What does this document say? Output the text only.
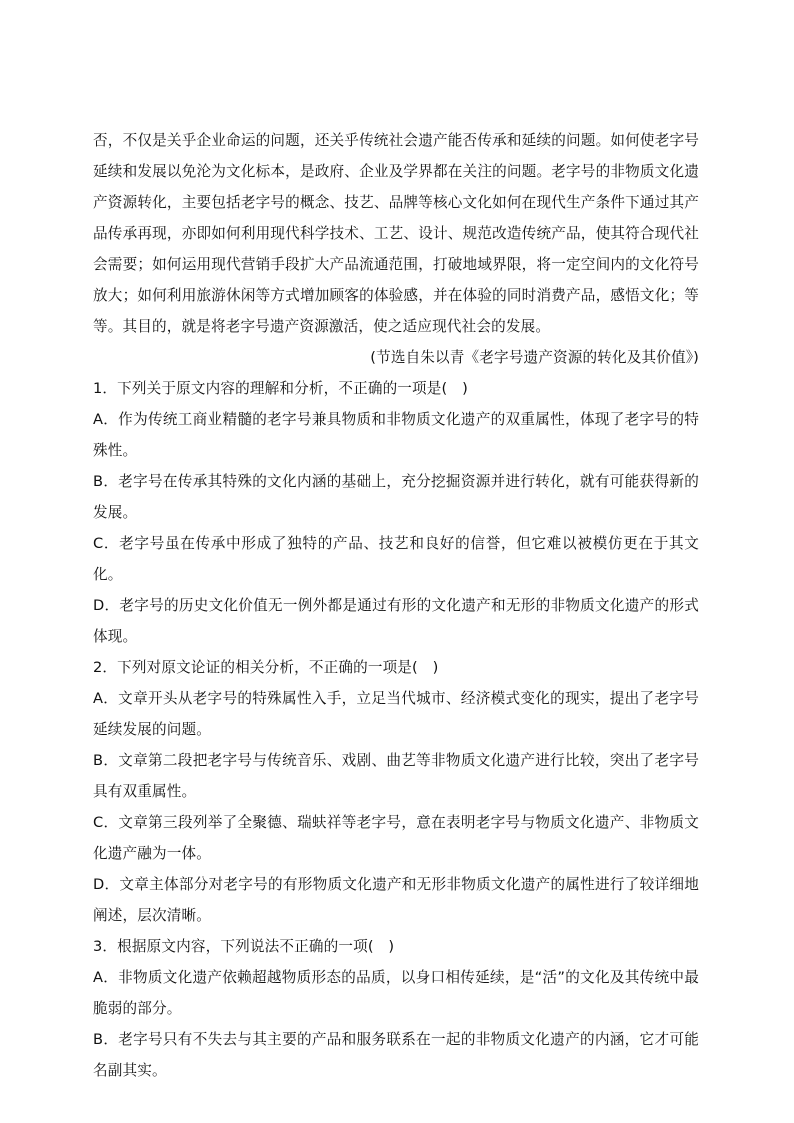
否，不仅是关乎企业命运的问题，还关乎传统社会遗产能否传承和延续的问题。如何使老字号延续和发展以免沦为文化标本，是政府、企业及学界都在关注的问题。老字号的非物质文化遗产资源转化，主要包括老字号的概念、技艺、品牌等核心文化如何在现代生产条件下通过其产品传承再现，亦即如何利用现代科学技术、工艺、设计、规范改造传统产品，使其符合现代社会需要；如何运用现代营销手段扩大产品流通范围，打破地域界限，将一定空间内的文化符号放大；如何利用旅游休闲等方式增加顾客的体验感，并在体验的同时消费产品，感悟文化；等等。其目的，就是将老字号遗产资源激活，使之适应现代社会的发展。

(节选自朱以青《老字号遗产资源的转化及其价值》)

1．下列关于原文内容的理解和分析，不正确的一项是(　)

A．作为传统工商业精髓的老字号兼具物质和非物质文化遗产的双重属性，体现了老字号的特殊性。

B．老字号在传承其特殊的文化内涵的基础上，充分挖掘资源并进行转化，就有可能获得新的发展。

C．老字号虽在传承中形成了独特的产品、技艺和良好的信誉，但它难以被模仿更在于其文化。

D．老字号的历史文化价值无一例外都是通过有形的文化遗产和无形的非物质文化遗产的形式体现。

2．下列对原文论证的相关分析，不正确的一项是(　)

A．文章开头从老字号的特殊属性入手，立足当代城市、经济模式变化的现实，提出了老字号延续发展的问题。

B．文章第二段把老字号与传统音乐、戏剧、曲艺等非物质文化遗产进行比较，突出了老字号具有双重属性。

C．文章第三段列举了全聚德、瑞蚨祥等老字号，意在表明老字号与物质文化遗产、非物质文化遗产融为一体。

D．文章主体部分对老字号的有形物质文化遗产和无形非物质文化遗产的属性进行了较详细地阐述，层次清晰。

3．根据原文内容，下列说法不正确的一项(　)

A．非物质文化遗产依赖超越物质形态的品质，以身口相传延续，是“活”的文化及其传统中最脆弱的部分。

B．老字号只有不失去与其主要的产品和服务联系在一起的非物质文化遗产的内涵，它才可能名副其实。
